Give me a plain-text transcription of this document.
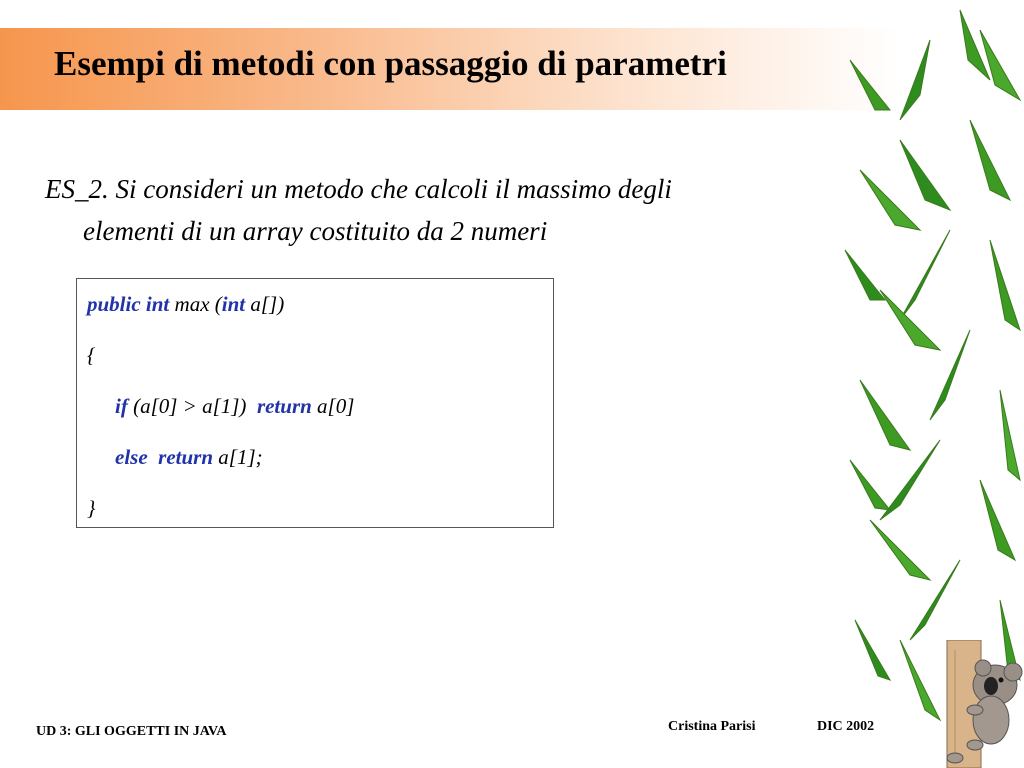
Esempi di metodi con passaggio di parametri
ES_2. Si consideri un metodo che calcoli il massimo degli
elementi di un array costituito da 2 numeri
public int max (int a[])
{
if (a[0] > a[1])  return a[0]
else return a[1];
}
UD 3: GLI OGGETTI IN JAVA	Cristina Parisi	DIC 2002
